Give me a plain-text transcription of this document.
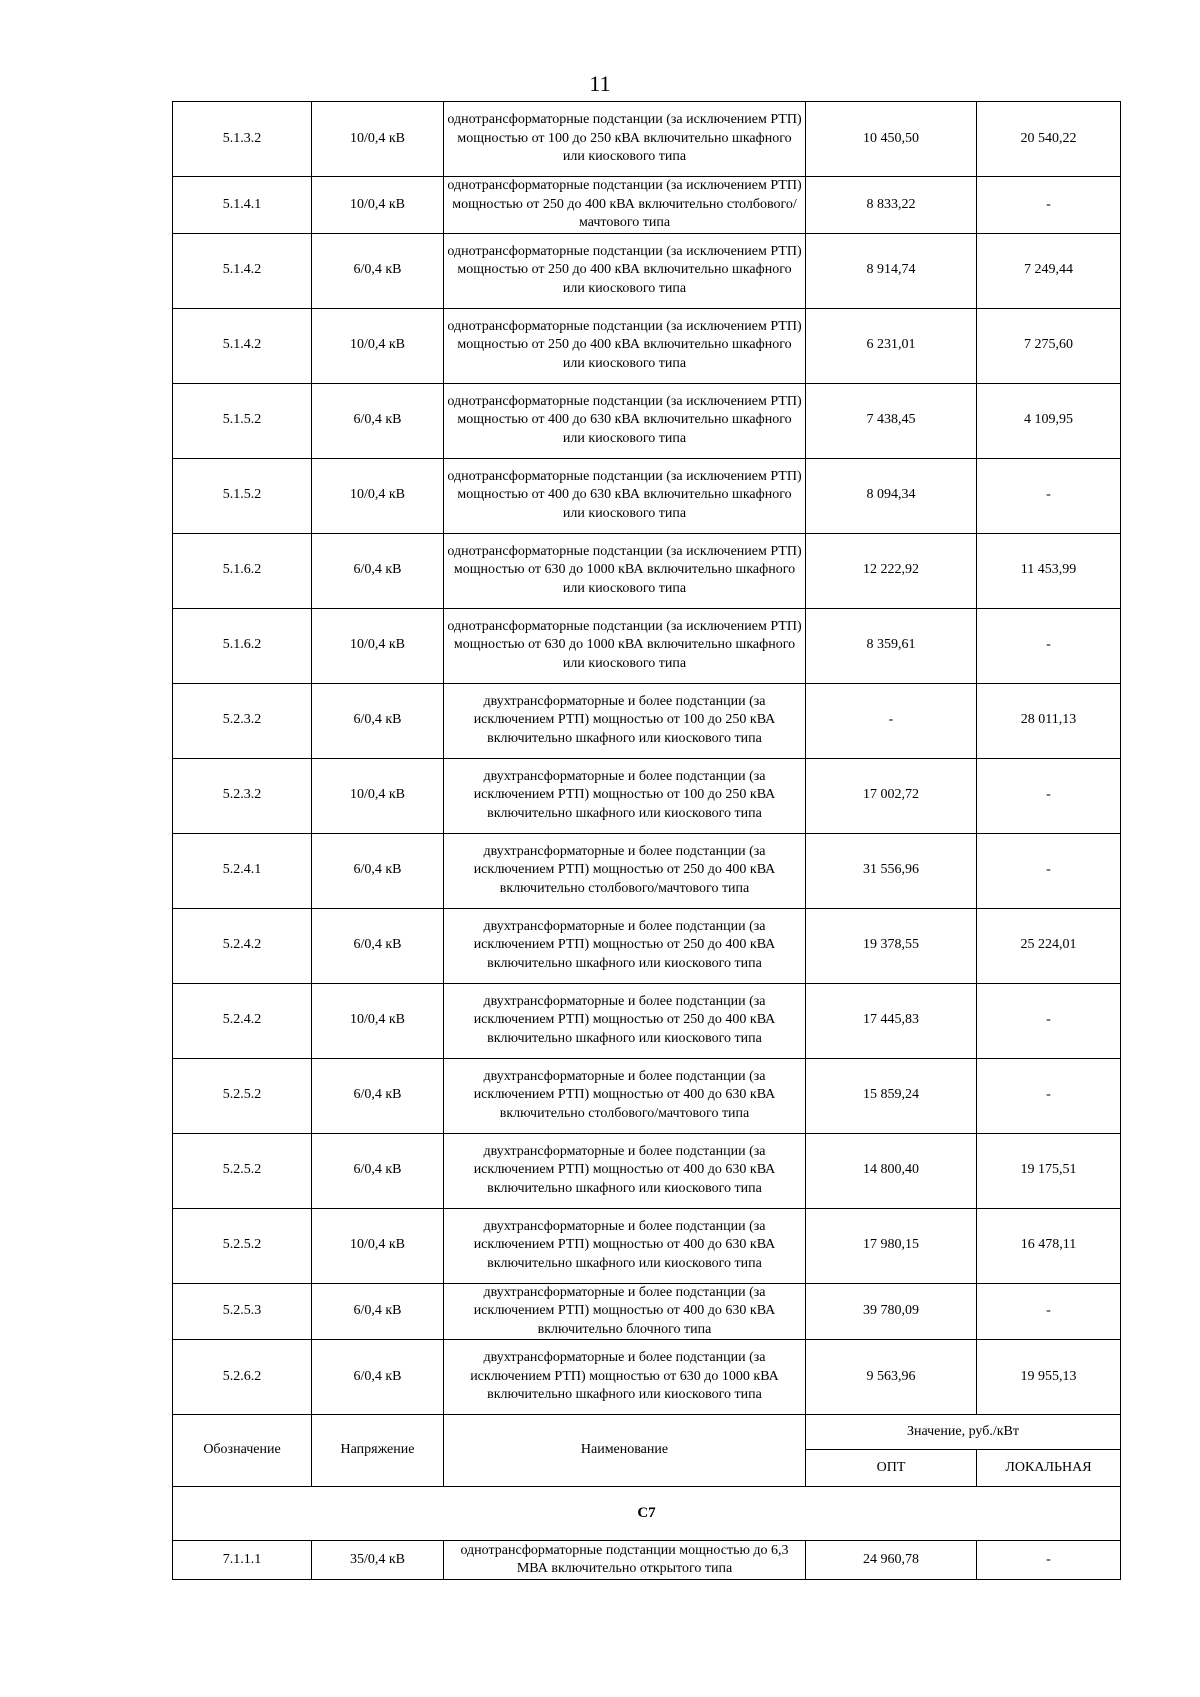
11
5.1.3.2	10/0,4 кВ	однотрансформаторные подстанции (за исключением РТП) мощностью от 100 до 250 кВА включительно шкафного или киоскового типа	10 450,50	20 540,22
5.1.4.1	10/0,4 кВ	однотрансформаторные подстанции (за исключением РТП) мощностью от 250 до 400 кВА включительно столбового/мачтового типа	8 833,22	-
5.1.4.2	6/0,4 кВ	однотрансформаторные подстанции (за исключением РТП) мощностью от 250 до 400 кВА включительно шкафного или киоскового типа	8 914,74	7 249,44
5.1.4.2	10/0,4 кВ	однотрансформаторные подстанции (за исключением РТП) мощностью от 250 до 400 кВА включительно шкафного или киоскового типа	6 231,01	7 275,60
5.1.5.2	6/0,4 кВ	однотрансформаторные подстанции (за исключением РТП) мощностью от 400 до 630 кВА включительно шкафного или киоскового типа	7 438,45	4 109,95
5.1.5.2	10/0,4 кВ	однотрансформаторные подстанции (за исключением РТП) мощностью от 400 до 630 кВА включительно шкафного или киоскового типа	8 094,34	-
5.1.6.2	6/0,4 кВ	однотрансформаторные подстанции (за исключением РТП) мощностью от 630 до 1000 кВА включительно шкафного или киоскового типа	12 222,92	11 453,99
5.1.6.2	10/0,4 кВ	однотрансформаторные подстанции (за исключением РТП) мощностью от 630 до 1000 кВА включительно шкафного или киоскового типа	8 359,61	-
5.2.3.2	6/0,4 кВ	двухтрансформаторные и более подстанции (за исключением РТП) мощностью от 100 до 250 кВА включительно шкафного или киоскового типа	-	28 011,13
5.2.3.2	10/0,4 кВ	двухтрансформаторные и более подстанции (за исключением РТП) мощностью от 100 до 250 кВА включительно шкафного или киоскового типа	17 002,72	-
5.2.4.1	6/0,4 кВ	двухтрансформаторные и более подстанции (за исключением РТП) мощностью от 250 до 400 кВА включительно столбового/мачтового типа	31 556,96	-
5.2.4.2	6/0,4 кВ	двухтрансформаторные и более подстанции (за исключением РТП) мощностью от 250 до 400 кВА включительно шкафного или киоскового типа	19 378,55	25 224,01
5.2.4.2	10/0,4 кВ	двухтрансформаторные и более подстанции (за исключением РТП) мощностью от 250 до 400 кВА включительно шкафного или киоскового типа	17 445,83	-
5.2.5.2	6/0,4 кВ	двухтрансформаторные и более подстанции (за исключением РТП) мощностью от 400 до 630 кВА включительно столбового/мачтового типа	15 859,24	-
5.2.5.2	6/0,4 кВ	двухтрансформаторные и более подстанции (за исключением РТП) мощностью от 400 до 630 кВА включительно шкафного или киоскового типа	14 800,40	19 175,51
5.2.5.2	10/0,4 кВ	двухтрансформаторные и более подстанции (за исключением РТП) мощностью от 400 до 630 кВА включительно шкафного или киоскового типа	17 980,15	16 478,11
5.2.5.3	6/0,4 кВ	двухтрансформаторные и более подстанции (за исключением РТП) мощностью от 400 до 630 кВА включительно блочного типа	39 780,09	-
5.2.6.2	6/0,4 кВ	двухтрансформаторные и более подстанции (за исключением РТП) мощностью от 630 до 1000 кВА включительно шкафного или киоскового типа	9 563,96	19 955,13
Обозначение	Напряжение	Наименование	Значение, руб./кВт	
			ОПТ	ЛОКАЛЬНАЯ
С7				
7.1.1.1	35/0,4 кВ	однотрансформаторные подстанции мощностью до 6,3 МВА включительно открытого типа	24 960,78	-
